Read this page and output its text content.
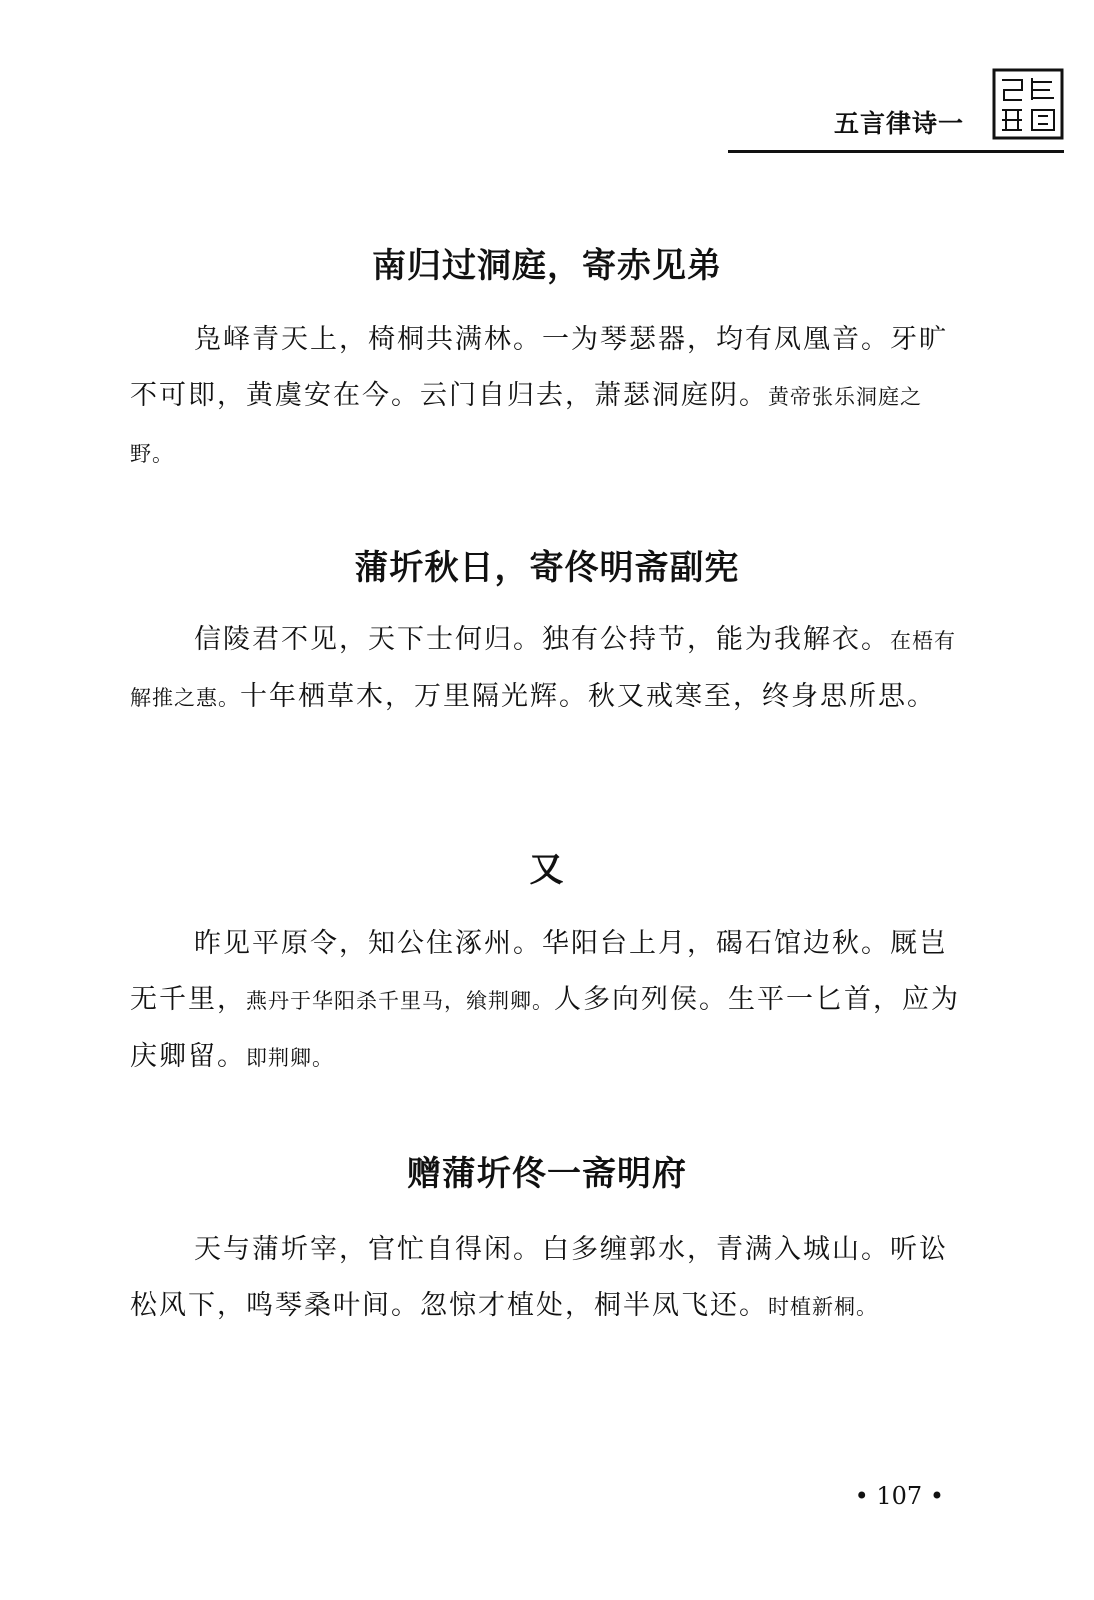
五言律诗一
南归过洞庭，寄赤见弟

凫峄青天上，椅桐共满林。一为琴瑟器，均有凤凰音。牙旷不可即，黄虞安在今。云门自归去，萧瑟洞庭阴。黄帝张乐洞庭之野。

蒲圻秋日，寄佟明斋副宪

信陵君不见，天下士何归。独有公持节，能为我解衣。在梧有解推之惠。十年栖草木，万里隔光辉。秋又戒寒至，终身思所思。

又

昨见平原令，知公住涿州。华阳台上月，碣石馆边秋。厩岂无千里，燕丹于华阳杀千里马，飨荆卿。人多向列侯。生平一匕首，应为庆卿留。即荆卿。

赠蒲圻佟一斋明府

天与蒲圻宰，官忙自得闲。白多缠郭水，青满入城山。听讼松风下，鸣琴桑叶间。忽惊才植处，桐半凤飞还。时植新桐。

• 107 •
